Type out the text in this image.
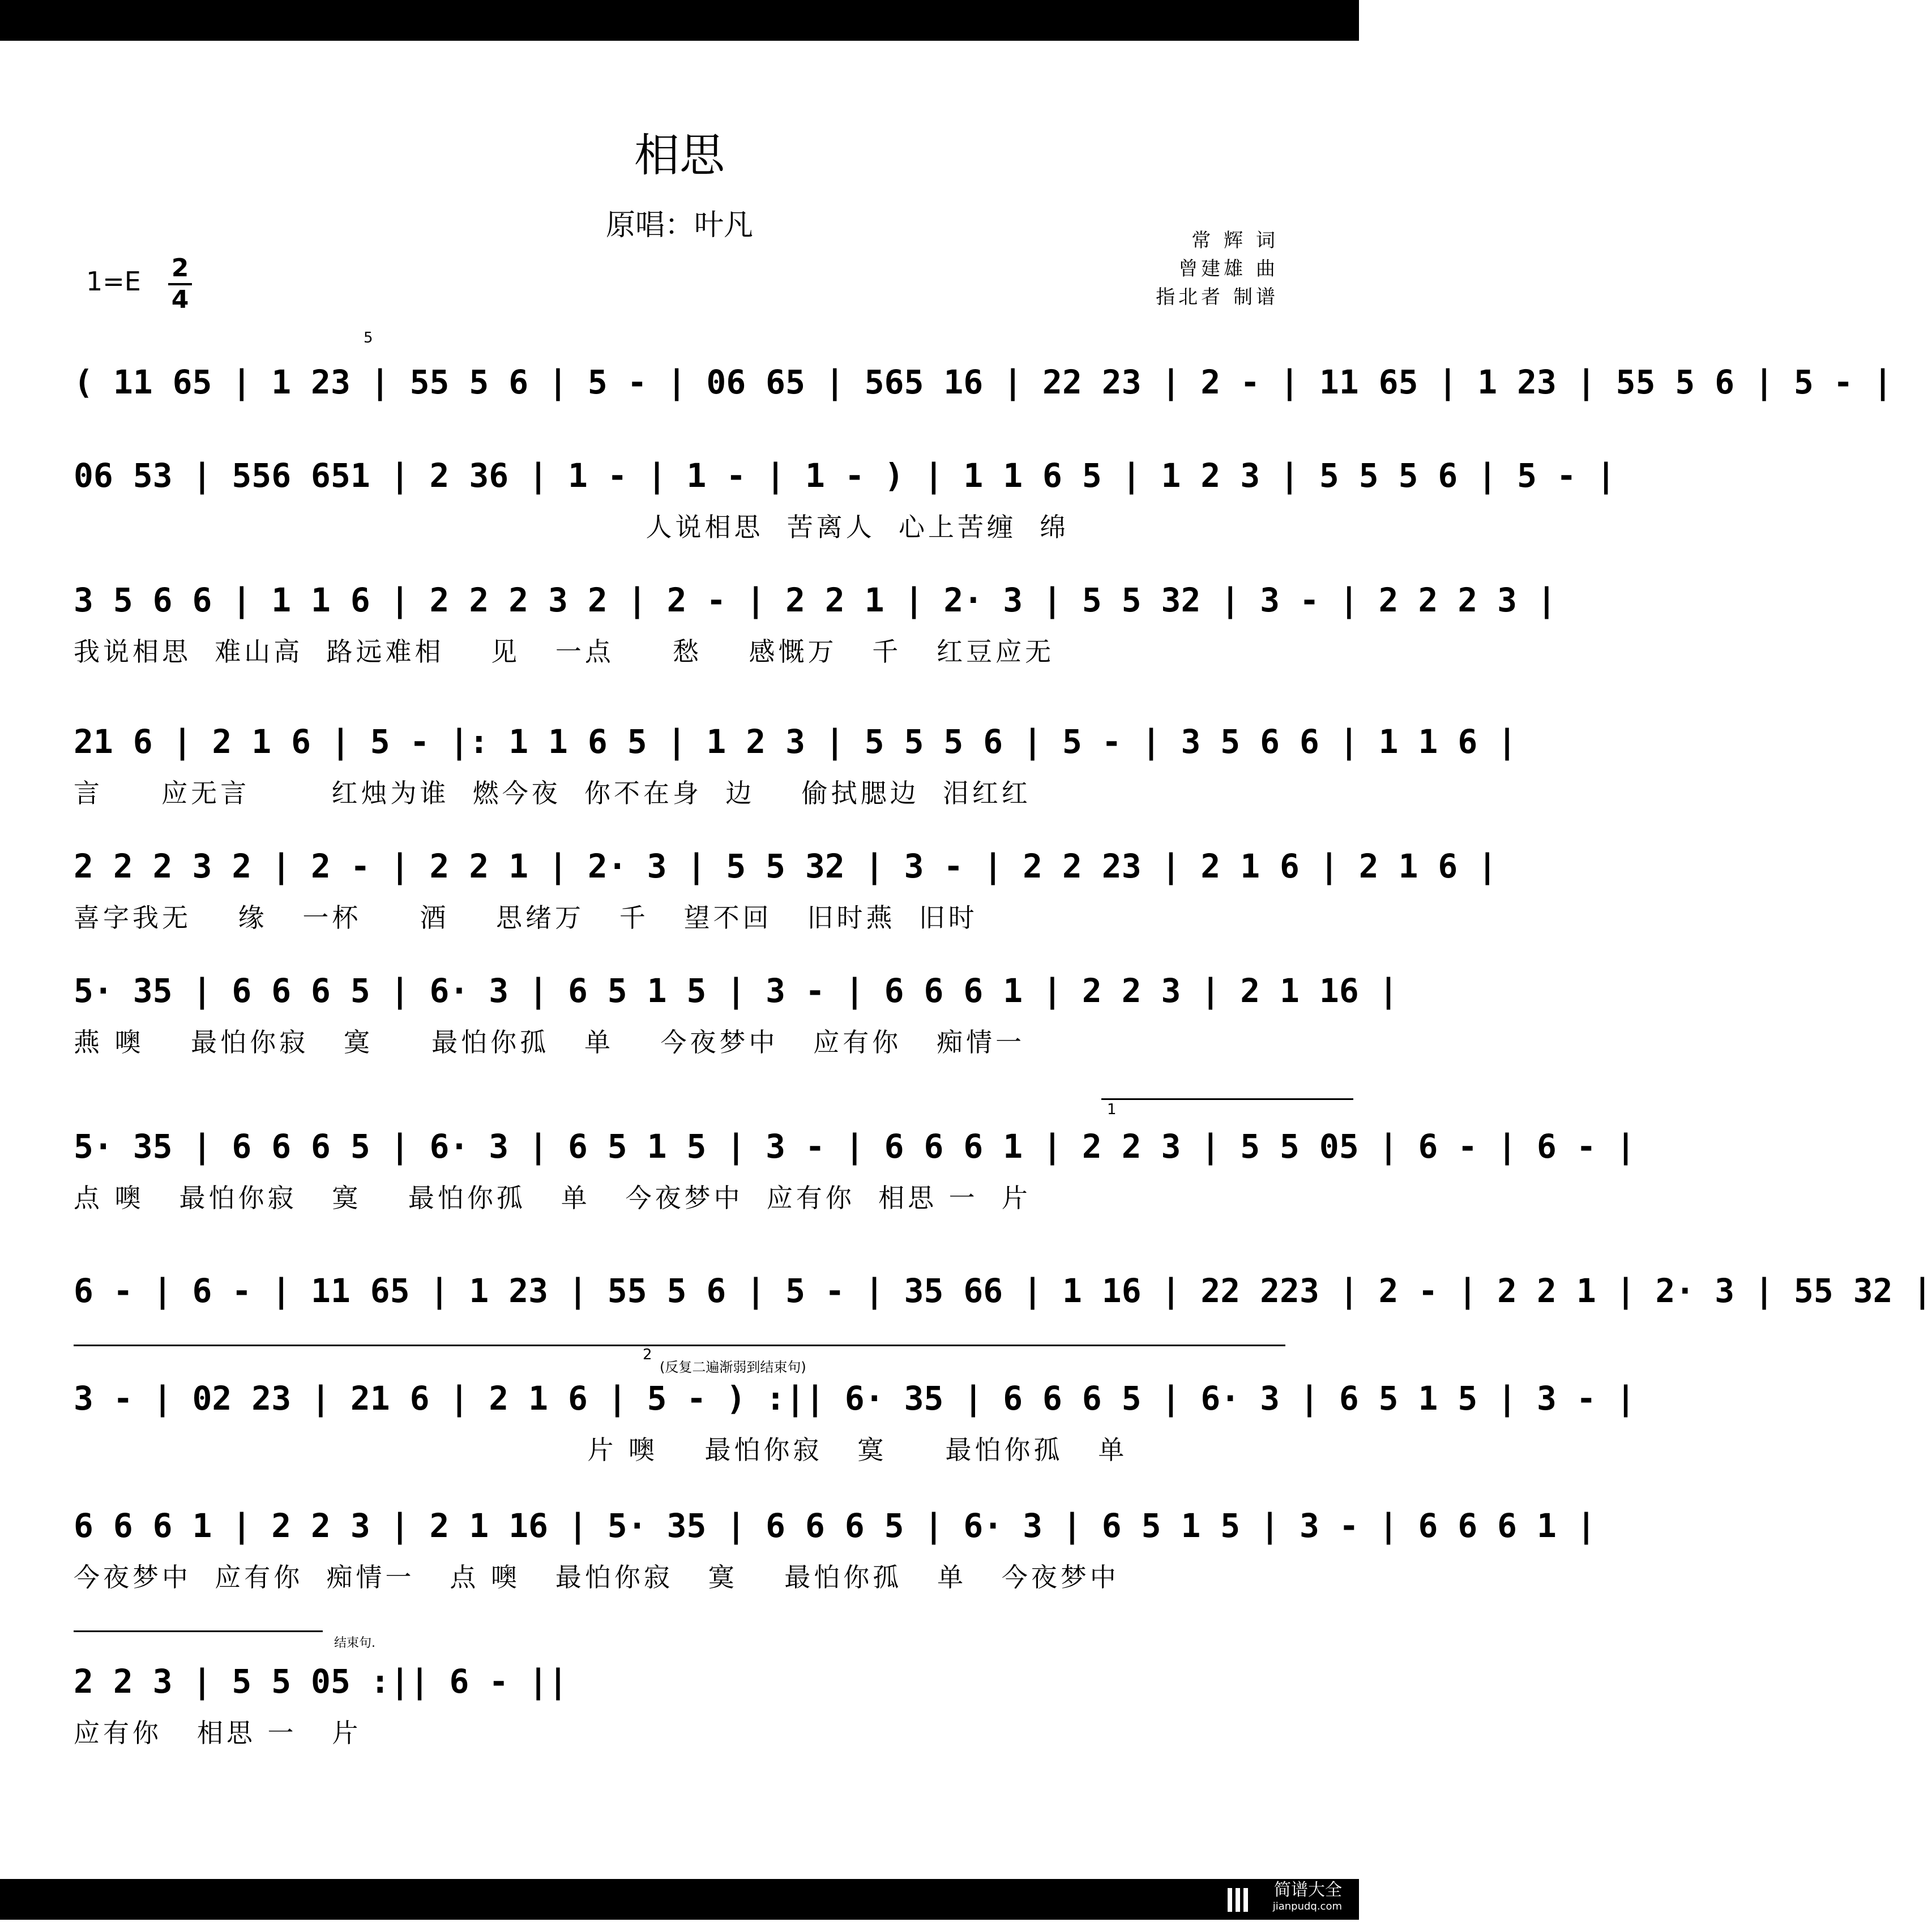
相思
原唱：叶凡	常 辉 词
曾建雄 曲
指北者 制谱
1=E 2
4
( 11 65 | 1 23 | 55 5 6 | 5 - | 06 65 | 565 16 | 22 23 | 2 - | 11 65 | 1 23 | 55 5 6 | 5 - |
06 53 | 556 651 | 2 36 | 1 - | 1 - | 1 - ) | 1 1 6 5 | 1 2 3 | 5 5 5 6 | 5 - |
人说相思  苦离人  心上苦缠  绵
3 5 6 6 | 1 1 6 | 2 2 2 3 2 | 2 - | 2 2 1 | 2· 3 | 5 5 32 | 3 - | 2 2 2 3 |
我说相思  难山高  路远难相    见   一点     愁    感慨万   千   红豆应无
21 6 | 2 1 6 | 5 - |: 1 1 6 5 | 1 2 3 | 5 5 5 6 | 5 - | 3 5 6 6 | 1 1 6 |
言     应无言       红烛为谁  燃今夜  你不在身  边    偷拭腮边  泪红红
2 2 2 3 2 | 2 - | 2 2 1 | 2· 3 | 5 5 32 | 3 - | 2 2 23 | 2 1 6 | 2 1 6 |
喜字我无    缘   一杯     酒    思绪万   千   望不回   旧时燕  旧时
5· 35 | 6 6 6 5 | 6· 3 | 6 5 1 5 | 3 - | 6 6 6 1 | 2 2 3 | 2 1 16 |
燕 噢    最怕你寂   寞     最怕你孤   单    今夜梦中   应有你   痴情一
5· 35 | 6 6 6 5 | 6· 3 | 6 5 1 5 | 3 - | 6 6 6 1 | 2 2 3 | 5 5 05 | 6 - | 6 - |
点 噢   最怕你寂   寞    最怕你孤   单   今夜梦中  应有你  相思 一  片
6 - | 6 - | 11 65 | 1 23 | 55 5 6 | 5 - | 35 66 | 1 16 | 22 223 | 2 - | 2 2 1 | 2· 3 | 55 32 |
3 - | 02 23 | 21 6 | 2 1 6 | 5 - ) :|| 6· 35 | 6 6 6 5 | 6· 3 | 6 5 1 5 | 3 - |
片 噢    最怕你寂   寞     最怕你孤   单
6 6 6 1 | 2 2 3 | 2 1 16 | 5· 35 | 6 6 6 5 | 6· 3 | 6 5 1 5 | 3 - | 6 6 6 1 |
今夜梦中  应有你  痴情一   点 噢   最怕你寂   寞    最怕你孤   单   今夜梦中
2 2 3 | 5 5 05 :|| 6 - ||
应有你   相思 一   片
1
2
(反复二遍渐弱到结束句)
结束句.
5
简谱大全
jianpudq.com
